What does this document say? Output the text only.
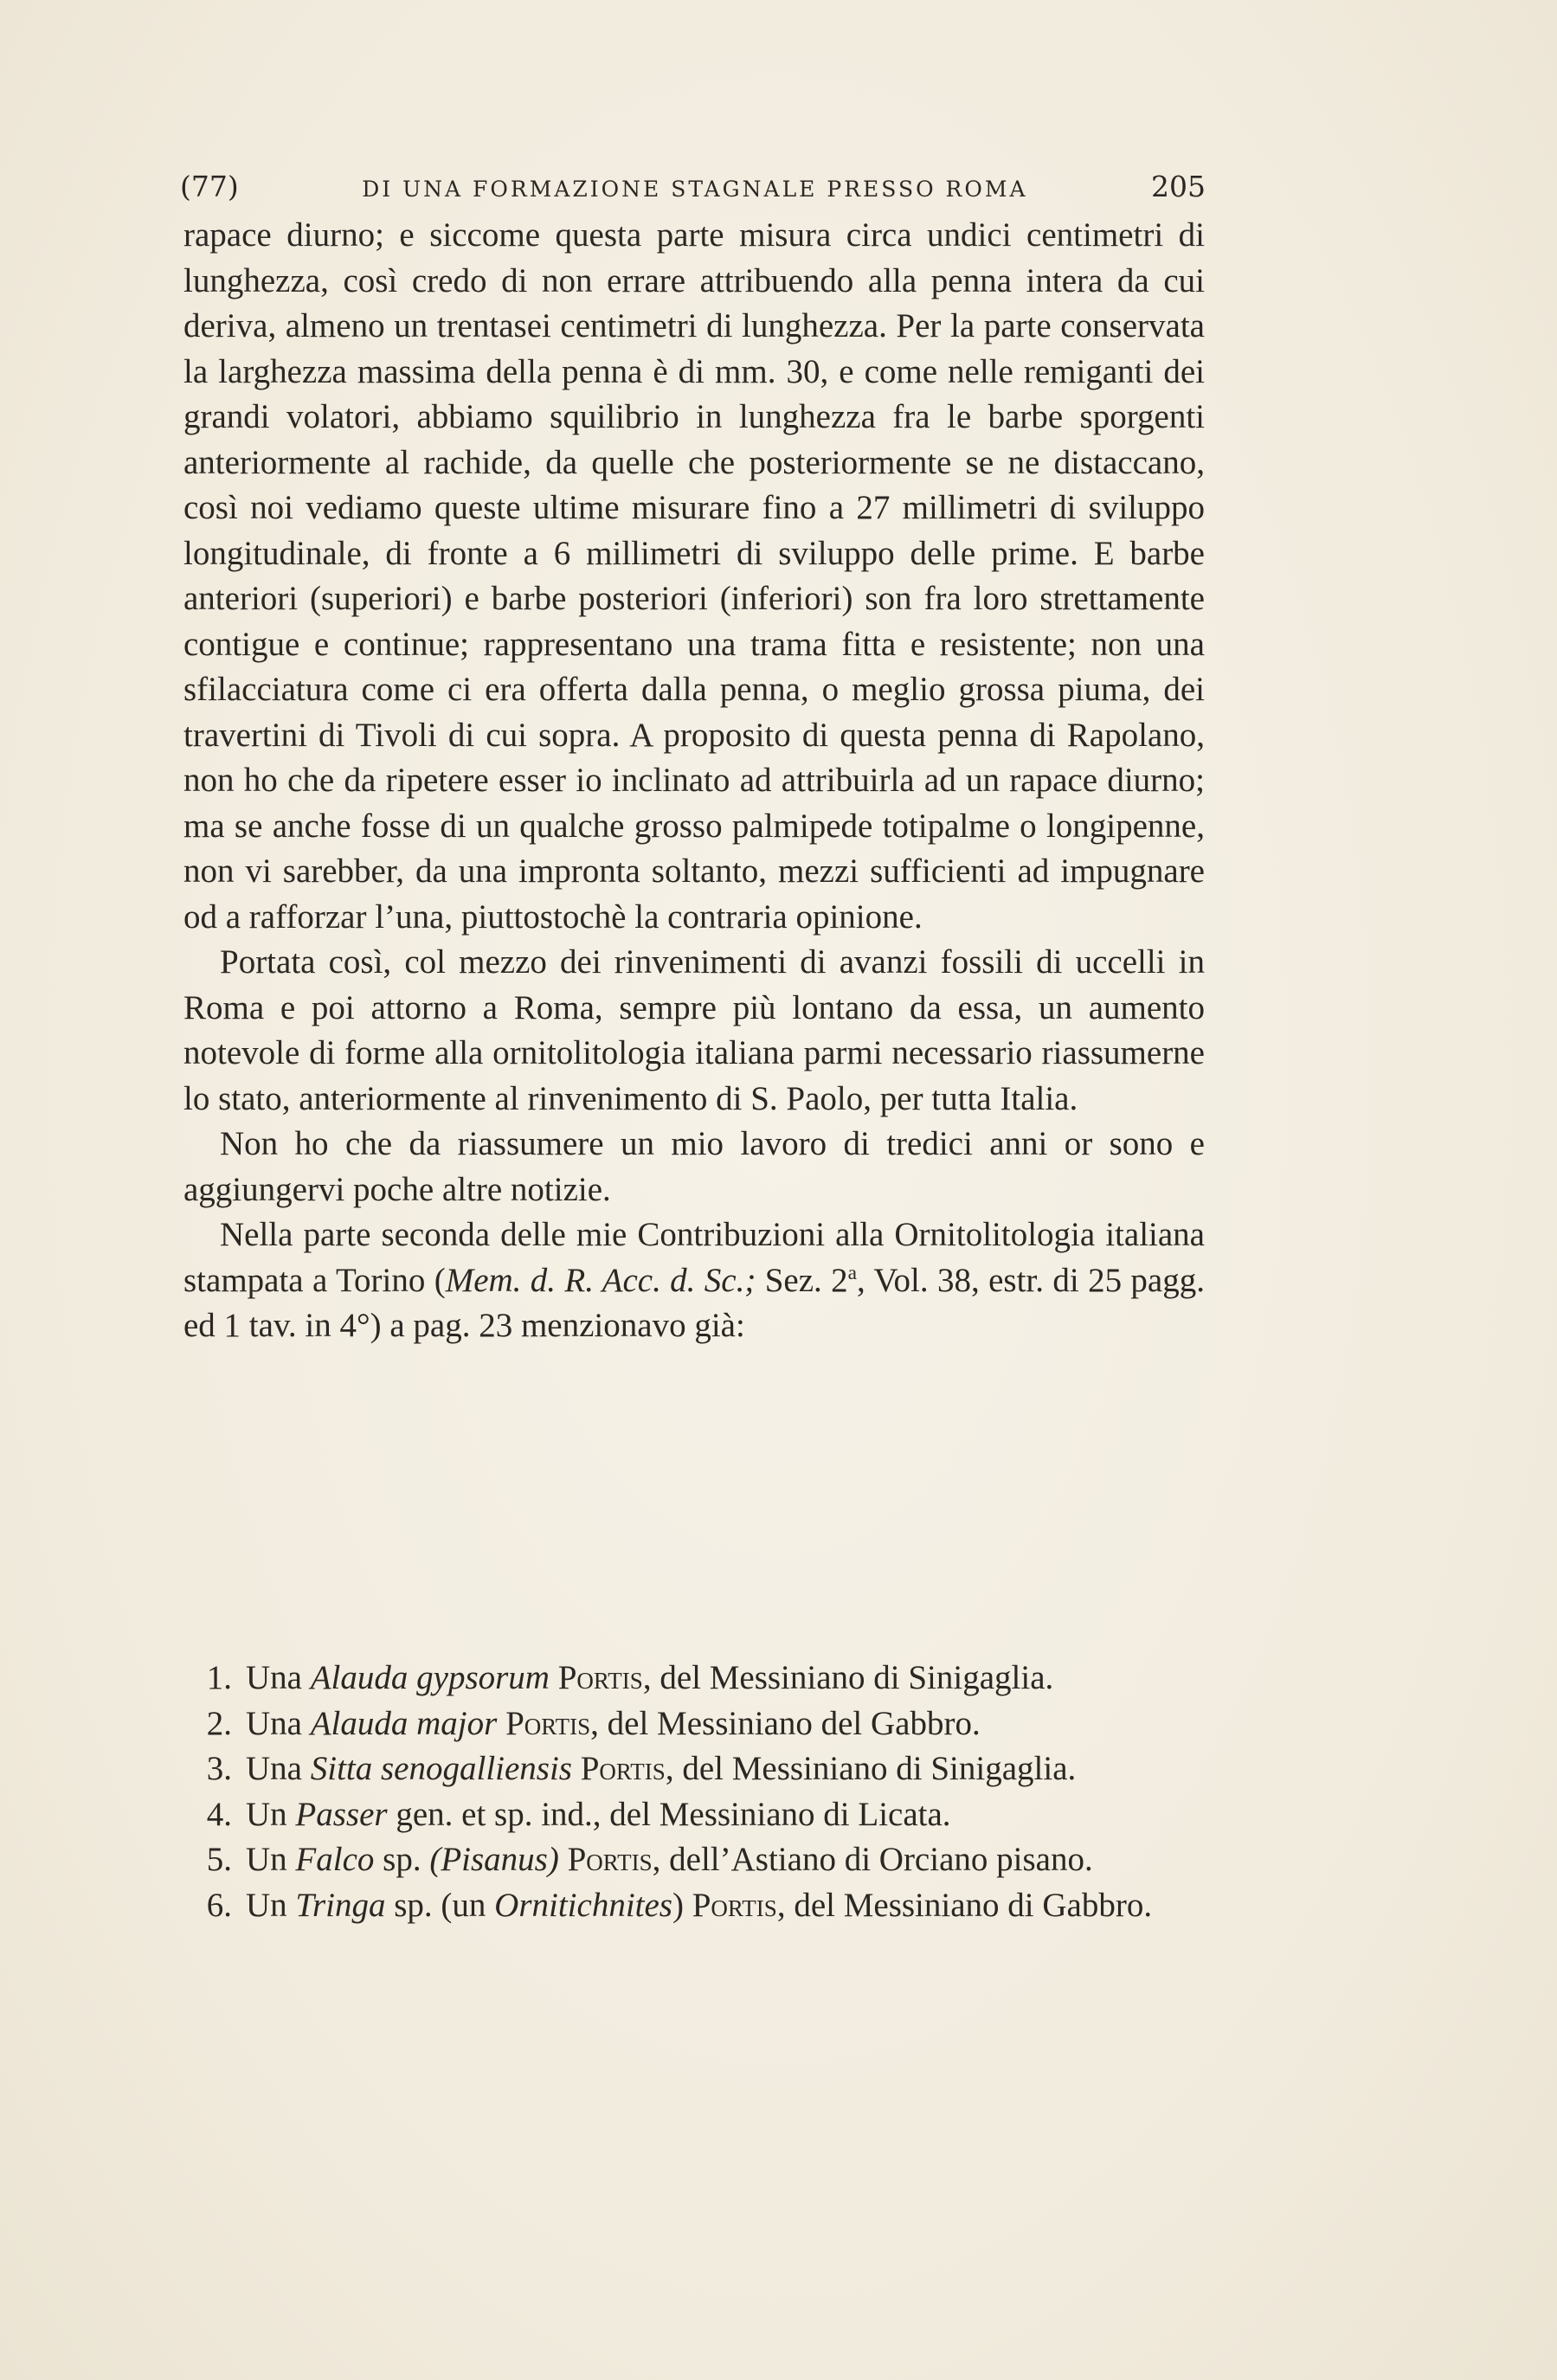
(77)	DI UNA FORMAZIONE STAGNALE PRESSO ROMA	205

rapace diurno; e siccome questa parte misura circa undici centimetri di lunghezza, così credo di non errare attribuendo alla penna intera da cui deriva, almeno un trentasei centimetri di lunghezza. Per la parte conservata la larghezza massima della penna è di mm. 30, e come nelle remiganti dei grandi volatori, abbiamo squilibrio in lunghezza fra le barbe sporgenti anteriormente al rachide, da quelle che posteriormente se ne distaccano, così noi vediamo queste ultime misurare fino a 27 millimetri di sviluppo longitudinale, di fronte a 6 millimetri di sviluppo delle prime. E barbe anteriori (superiori) e barbe posteriori (inferiori) son fra loro strettamente contigue e continue; rappresentano una trama fitta e resistente; non una sfilacciatura come ci era offerta dalla penna, o meglio grossa piuma, dei travertini di Tivoli di cui sopra. A proposito di questa penna di Rapolano, non ho che da ripetere esser io inclinato ad attribuirla ad un rapace diurno; ma se anche fosse di un qualche grosso palmipede totipalme o longipenne, non vi sarebber, da una impronta soltanto, mezzi sufficienti ad impugnare od a rafforzar l’una, piuttostochè la contraria opinione.

Portata così, col mezzo dei rinvenimenti di avanzi fossili di uccelli in Roma e poi attorno a Roma, sempre più lontano da essa, un aumento notevole di forme alla ornitolitologia italiana parmi necessario riassumerne lo stato, anteriormente al rinvenimento di S. Paolo, per tutta Italia.

Non ho che da riassumere un mio lavoro di tredici anni or sono e aggiungervi poche altre notizie.

Nella parte seconda delle mie Contribuzioni alla Ornitolitologia italiana stampata a Torino (Mem. d. R. Acc. d. Sc.; Sez. 2$^a$, Vol. 38, estr. di 25 pagg. ed 1 tav. in 4°) a pag. 23 menzionavo già:

1. Una Alauda gypsorum Portis, del Messiniano di Sinigaglia.
2. Una Alauda major Portis, del Messiniano del Gabbro.
3. Una Sitta senogalliensis Portis, del Messiniano di Sinigaglia.
4. Un Passer gen. et sp. ind., del Messiniano di Licata.
5. Un Falco sp. (Pisanus) Portis, dell’Astiano di Orciano pisano.
6. Un Tringa sp. (un Ornitichnites) Portis, del Messiniano di Gabbro.
